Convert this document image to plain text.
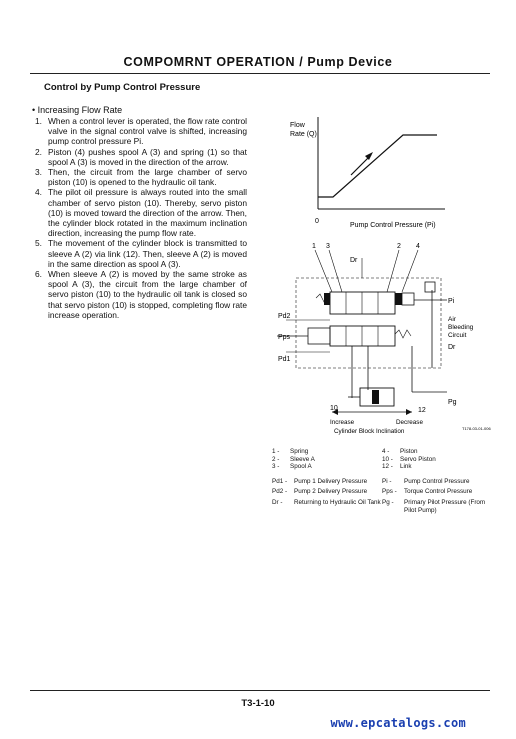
COMPOMRNT OPERATION / Pump Device
Control by Pump Control Pressure
• Increasing Flow Rate
1. When a control lever is operated, the flow rate control valve in the signal control valve is shifted, increasing pump control pressure Pi.
2. Piston (4) pushes spool A (3) and spring (1) so that spool A (3) is moved in the direction of the arrow.
3. Then, the circuit from the large chamber of servo piston (10) is opened to the hydraulic oil tank.
4. The pilot oil pressure is always routed into the small chamber of servo piston (10). Thereby, servo piston (10) is moved toward the direction of the arrow. Then, the cylinder block rotated in the maximum inclination direction, increasing the pump flow rate.
5. The movement of the cylinder block is transmitted to sleeve A (2) via link (12). Then, sleeve A (2) is moved in the same direction as spool A (3).
6. When sleeve A (2) is moved by the same stroke as spool A (3), the circuit from the large chamber of servo piston (10) to the hydraulic oil tank is closed so that servo piston (10) is stopped, completing flow rate increase operation.
Flow
Rate (Q)
0
Pump Control Pressure (Pi)
1 3
Dr
2 4
Pi
Air
Bleeding
Circuit
Dr
Pd2
Pps
Pd1
Pg
10	12
Increase	Decrease
Cylinder Block Inclination	T178-03-01-006
1 -	Spring	4 -	Piston
2 -	Sleeve A	10 -	Servo Piston
3 -	Spool A	12 -	Link
Pd1 -	Pump 1 Delivery Pressure	Pi -	Pump Control Pressure
Pd2 -	Pump 2 Delivery Pressure	Pps -	Torque Control Pressure
Dr -	Returning to Hydraulic Oil Tank Pg -	Primary Pilot Pressure (From Pilot Pump)
T3-1-10
www.epcatalogs.com
